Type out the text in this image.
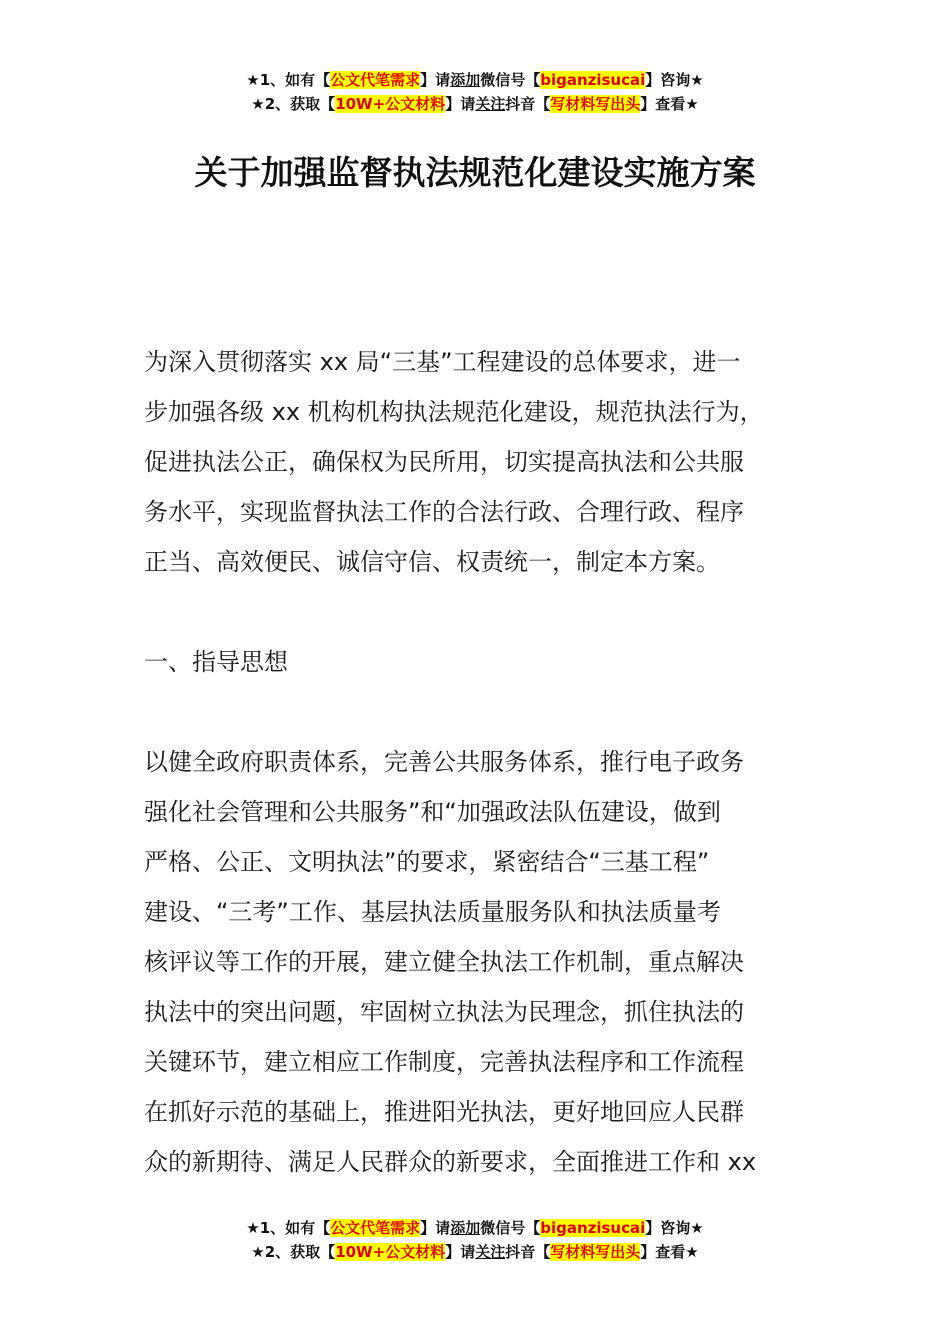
★1、如有【公文代笔需求】请添加微信号【biganzisucai】咨询★
★2、获取【10W+公文材料】请关注抖音【写材料写出头】查看★
关于加强监督执法规范化建设实施方案
为深入贯彻落实 xx 局“三基”工程建设的总体要求，进一
步加强各级 xx 机构机构执法规范化建设，规范执法行为，
促进执法公正，确保权为民所用，切实提高执法和公共服
务水平，实现监督执法工作的合法行政、合理行政、程序
正当、高效便民、诚信守信、权责统一，制定本方案。
一、指导思想
以健全政府职责体系，完善公共服务体系，推行电子政务
强化社会管理和公共服务”和“加强政法队伍建设，做到
严格、公正、文明执法”的要求，紧密结合“三基工程”
建设、“三考”工作、基层执法质量服务队和执法质量考
核评议等工作的开展，建立健全执法工作机制，重点解决
执法中的突出问题，牢固树立执法为民理念，抓住执法的
关键环节，建立相应工作制度，完善执法程序和工作流程
在抓好示范的基础上，推进阳光执法，更好地回应人民群
众的新期待、满足人民群众的新要求，全面推进工作和 xx
★1、如有【公文代笔需求】请添加微信号【biganzisucai】咨询★
★2、获取【10W+公文材料】请关注抖音【写材料写出头】查看★
